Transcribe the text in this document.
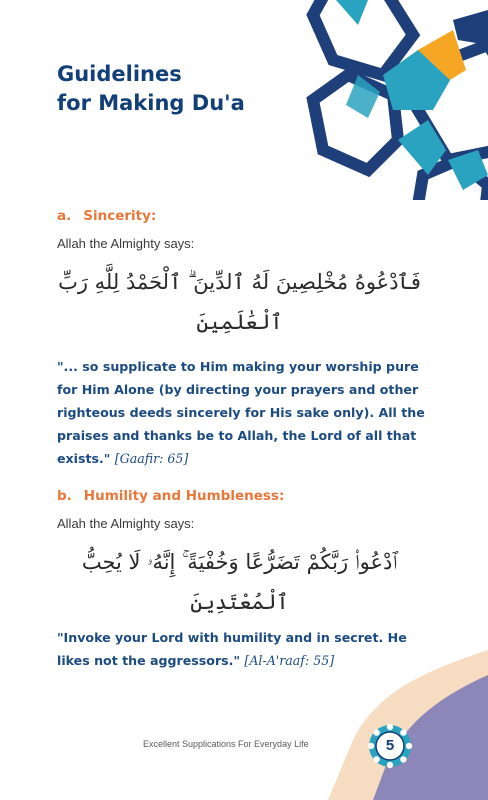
Guidelines
for Making Du'a
a. Sincerity:
Allah the Almighty says:
فَٱدْعُوهُ مُخْلِصِينَ لَهُ ٱلدِّينَ ۗ ٱلْحَمْدُ لِلَّهِ رَبِّ
ٱلْعَٰلَمِينَ
"... so supplicate to Him making your worship pure for Him Alone (by directing your prayers and other righteous deeds sincerely for His sake only). All the praises and thanks be to Allah, the Lord of all that exists." [Gaafir: 65]
b. Humility and Humbleness:
Allah the Almighty says:
ٱدْعُوا۟ رَبَّكُمْ تَضَرُّعًا وَخُفْيَةً ۚ إِنَّهُۥ لَا يُحِبُّ
ٱلْمُعْتَدِينَ
"Invoke your Lord with humility and in secret. He likes not the aggressors." [Al-A'raaf: 55]
Excellent Supplications For Everyday Life	5
